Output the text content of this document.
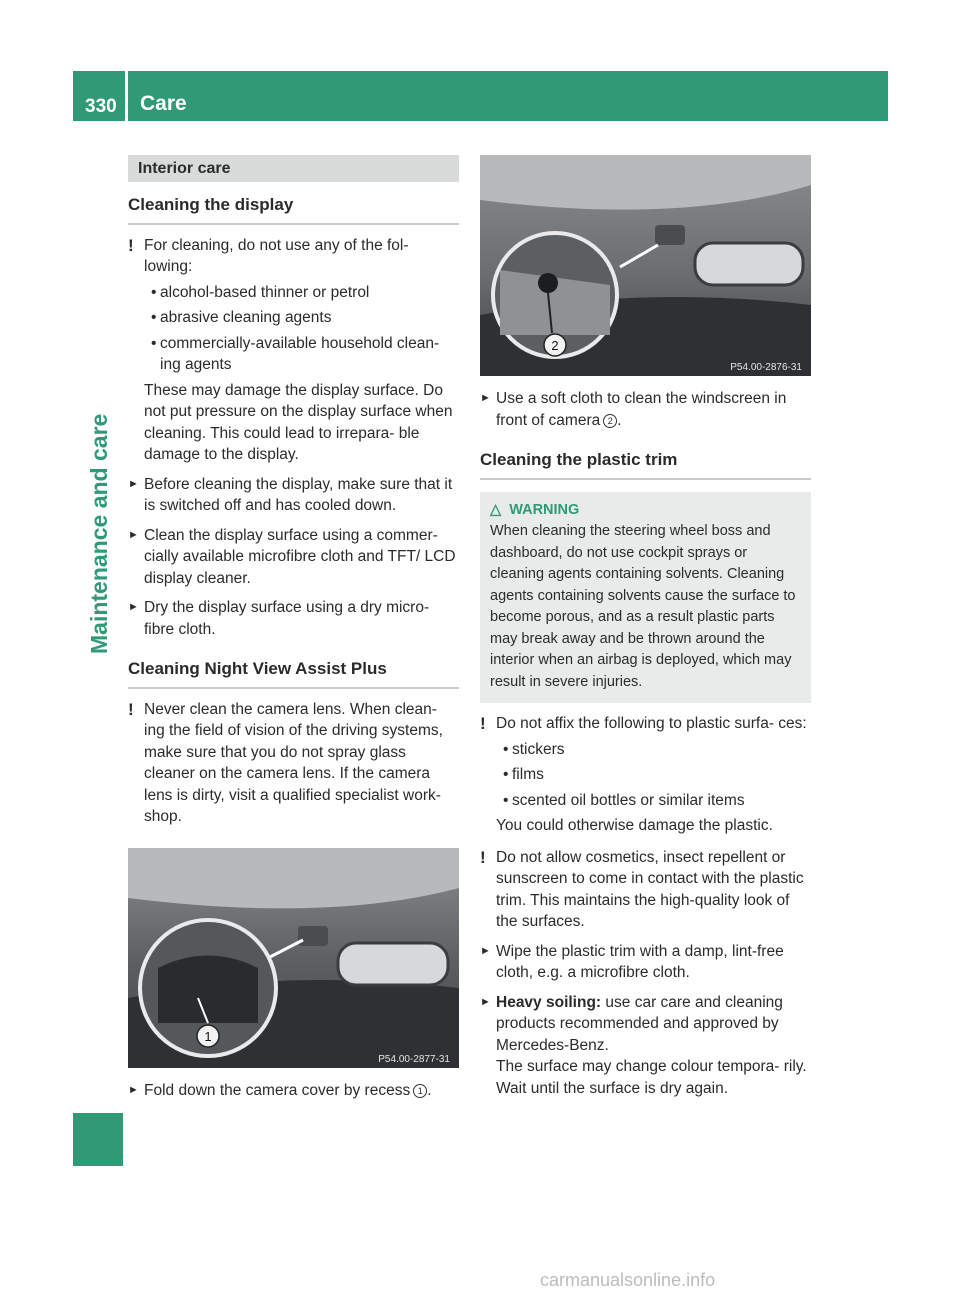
330 Care
Maintenance and care
Interior care
Cleaning the display
! For cleaning, do not use any of the fol- lowing:
• alcohol-based thinner or petrol
• abrasive cleaning agents
• commercially-available household clean- ing agents
These may damage the display surface. Do not put pressure on the display surface when cleaning. This could lead to irrepara- ble damage to the display.
► Before cleaning the display, make sure that it is switched off and has cooled down.
► Clean the display surface using a commer- cially available microfibre cloth and TFT/ LCD display cleaner.
► Dry the display surface using a dry micro- fibre cloth.
Cleaning Night View Assist Plus
! Never clean the camera lens. When clean- ing the field of vision of the driving systems, make sure that you do not spray glass cleaner on the camera lens. If the camera lens is dirty, visit a qualified specialist work- shop.
1
P54.00-2877-31
► Fold down the camera cover by recess 1 .
2
P54.00-2876-31
► Use a soft cloth to clean the windscreen in front of camera 2 .
Cleaning the plastic trim
△ WARNING
When cleaning the steering wheel boss and dashboard, do not use cockpit sprays or cleaning agents containing solvents. Cleaning agents containing solvents cause the surface to become porous, and as a result plastic parts may break away and be thrown around the interior when an airbag is deployed, which may result in severe injuries.
! Do not affix the following to plastic surfa- ces:
• stickers
• films
• scented oil bottles or similar items
You could otherwise damage the plastic.
! Do not allow cosmetics, insect repellent or sunscreen to come in contact with the plastic trim. This maintains the high-quality look of the surfaces.
► Wipe the plastic trim with a damp, lint-free cloth, e.g. a microfibre cloth.
► Heavy soiling: use car care and cleaning products recommended and approved by Mercedes-Benz.
The surface may change colour tempora- rily. Wait until the surface is dry again.
carmanualsonline.info
